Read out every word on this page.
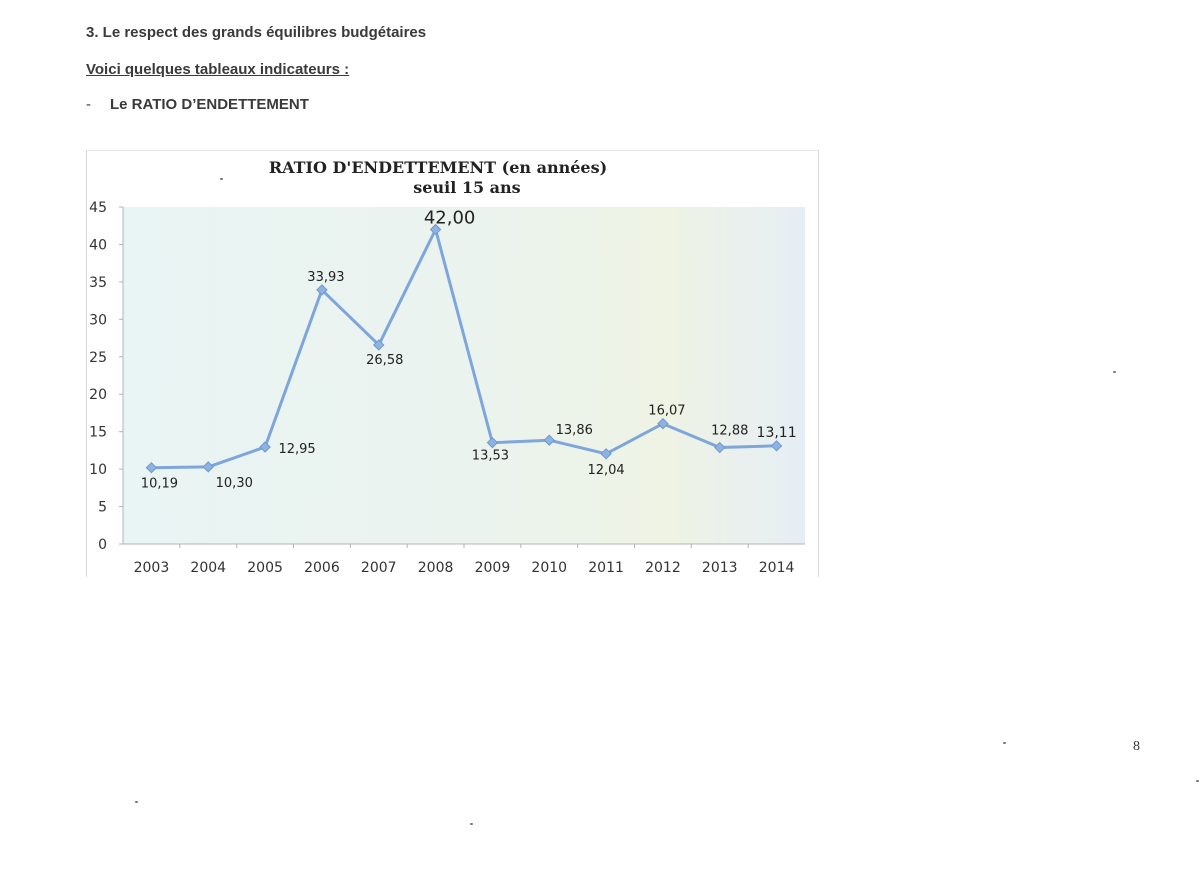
3. Le respect des grands équilibres budgétaires
Voici quelques tableaux indicateurs :
- Le RATIO D’ENDETTEMENT
RATIO D'ENDETTEMENT (en années)
seuil 15 ans
0
5
10
15
20
25
30
35
40
45
2003 2004 2005 2006 2007 2008 2009 2010 2011 2012 2013 2014
10,19	10,30
12,95
33,93
26,58
42,00
13,53
13,86
12,04
16,07
12,88 13,11
8
